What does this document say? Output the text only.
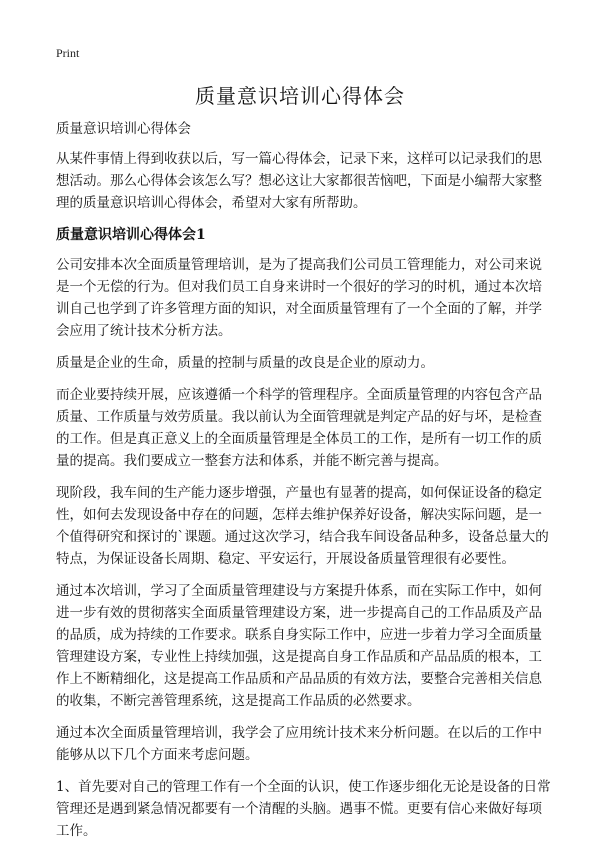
Print
质量意识培训心得体会

质量意识培训心得体会

从某件事情上得到收获以后，写一篇心得体会，记录下来，这样可以记录我们的思想活动。那么心得体会该怎么写？想必这让大家都很苦恼吧，下面是小编帮大家整理的质量意识培训心得体会，希望对大家有所帮助。

质量意识培训心得体会1

公司安排本次全面质量管理培训，是为了提高我们公司员工管理能力，对公司来说是一个无偿的行为。但对我们员工自身来讲时一个很好的学习的时机，通过本次培训自己也学到了许多管理方面的知识，对全面质量管理有了一个全面的了解，并学会应用了统计技术分析方法。

质量是企业的生命，质量的控制与质量的改良是企业的原动力。

而企业要持续开展，应该遵循一个科学的管理程序。全面质量管理的内容包含产品质量、工作质量与效劳质量。我以前认为全面管理就是判定产品的好与坏，是检查的工作。但是真正意义上的全面质量管理是全体员工的工作，是所有一切工作的质量的提高。我们要成立一整套方法和体系，并能不断完善与提高。

现阶段，我车间的生产能力逐步增强，产量也有显著的提高，如何保证设备的稳定性，如何去发现设备中存在的问题，怎样去维护保养好设备，解决实际问题，是一个值得研究和探讨的`课题。通过这次学习，结合我车间设备品种多，设备总量大的特点，为保证设备长周期、稳定、平安运行，开展设备质量管理很有必要性。

通过本次培训，学习了全面质量管理建设与方案提升体系，而在实际工作中，如何进一步有效的贯彻落实全面质量管理建设方案，进一步提高自己的工作品质及产品的品质，成为持续的工作要求。联系自身实际工作中，应进一步着力学习全面质量管理建设方案，专业性上持续加强，这是提高自身工作品质和产品品质的根本，工作上不断精细化，这是提高工作品质和产品品质的有效方法，要整合完善相关信息的收集，不断完善管理系统，这是提高工作品质的必然要求。

通过本次全面质量管理培训，我学会了应用统计技术来分析问题。在以后的工作中能够从以下几个方面来考虑问题。

1、首先要对自己的管理工作有一个全面的认识，使工作逐步细化无论是设备的日常管理还是遇到紧急情况都要有一个清醒的头脑。遇事不慌。更要有信心来做好每项工作。
